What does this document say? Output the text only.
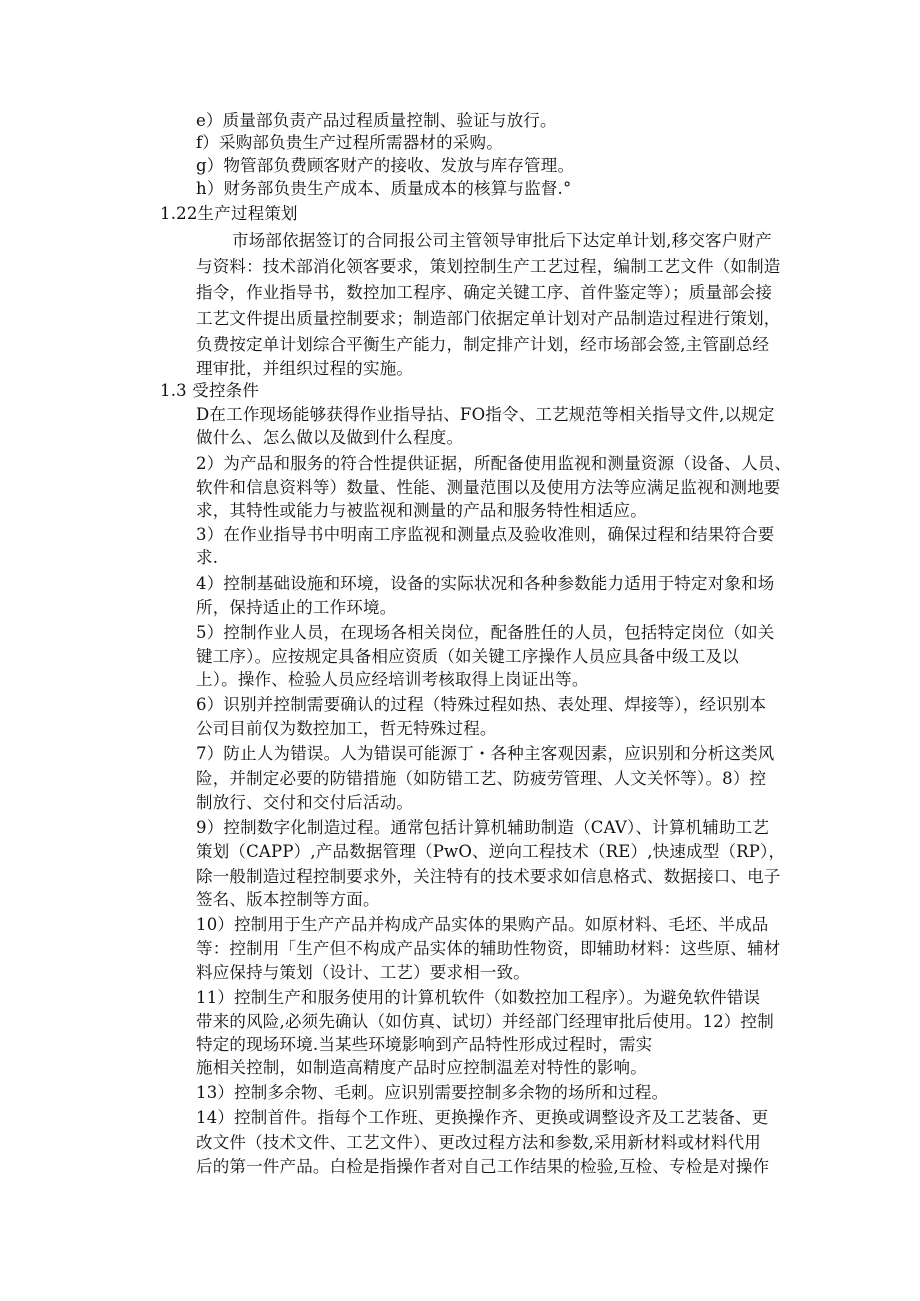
e）质量部负责产品过程质量控制、验证与放行。
f）采购部负贵生产过程所需器材的采购。
g）物管部负费顾客财产的接收、发放与库存管理。
h）财务部负贵生产成本、质量成本的核算与监督.°
1.22生产过程策划
市场部依据签订的合同报公司主管领导审批后下达定单计划,移交客户财产
与资料：技术部消化领客要求，策划控制生产工艺过程，编制工艺文件（如制造
指令，作业指导书，数控加工程序、确定关键工序、首件鉴定等）；质量部会接
工艺文件提出质量控制要求；制造部门依据定单计划对产品制造过程进行策划，
负费按定单计划综合平衡生产能力，制定排产计划，经市场部会签,主管副总经
理审批，并组织过程的实施。
1.3 受控条件
D在工作现场能够获得作业指导拈、FO指令、工艺规范等相关指导文件,以规定
做什么、怎么做以及做到什么程度。
2）为产品和服务的符合性提供证据，所配备使用监视和测量资源（设备、人员、
软件和信息资料等）数量、性能、测量范围以及使用方法等应满足监视和测地要
求，其特性或能力与被监视和测量的产品和服务特性相适应。
3）在作业指导书中明南工序监视和测量点及验收准则，确保过程和结果符合要
求.
4）控制基础设施和环境，设备的实际状况和各种参数能力适用于特定对象和场
所，保持适止的工作环境。
5）控制作业人员，在现场各相关岗位，配备胜任的人员，包括特定岗位（如关
键工序）。应按规定具备相应资质（如关键工序操作人员应具备中级工及以
上）。操作、检验人员应经培训考核取得上岗证出等。
6）识别并控制需要确认的过程（特殊过程如热、表处理、焊接等），经识别本
公司目前仅为数控加工，哲无特殊过程。
7）防止人为错误。人为错误可能源丁・各种主客观因素，应识别和分析这类风
险，并制定必要的防错措施（如防错工艺、防疲劳管理、人文关怀等）。8）控
制放行、交付和交付后活动。
9）控制数字化制造过程。通常包括计算机辅助制造（CAV）、计算机辅助工艺
策划（CAPP）,产品数据管理（PwO、逆向工程技术（RE）,快速成型（RP），
除一般制造过程控制要求外，关注特有的技术要求如信息格式、数据接口、电子
签名、版本控制等方面。
10）控制用于生产产品并构成产品实体的果购产品。如原材料、毛坯、半成品
等：控制用「生产但不构成产品实体的辅助性物资，即辅助材料：这些原、辅材
料应保持与策划（设计、工艺）要求相一致。
11）控制生产和服务使用的计算机软件（如数控加工程序）。为避免软件错误
带来的风险,必须先确认（如仿真、试切）并经部门经理审批后使用。12）控制
特定的现场环境.当某些环境影响到产品特性形成过程时，需实
施相关控制，如制造高精度产品时应控制温差对特性的影响。
13）控制多余物、毛刺。应识别需要控制多余物的场所和过程。
14）控制首件。指每个工作班、更换操作齐、更换或调整设齐及工艺装备、更
改文件（技术文件、工艺文件）、更改过程方法和参数,采用新材料或材料代用
后的第一件产品。白检是指操作者对自己工作结果的检验,互检、专检是对操作
